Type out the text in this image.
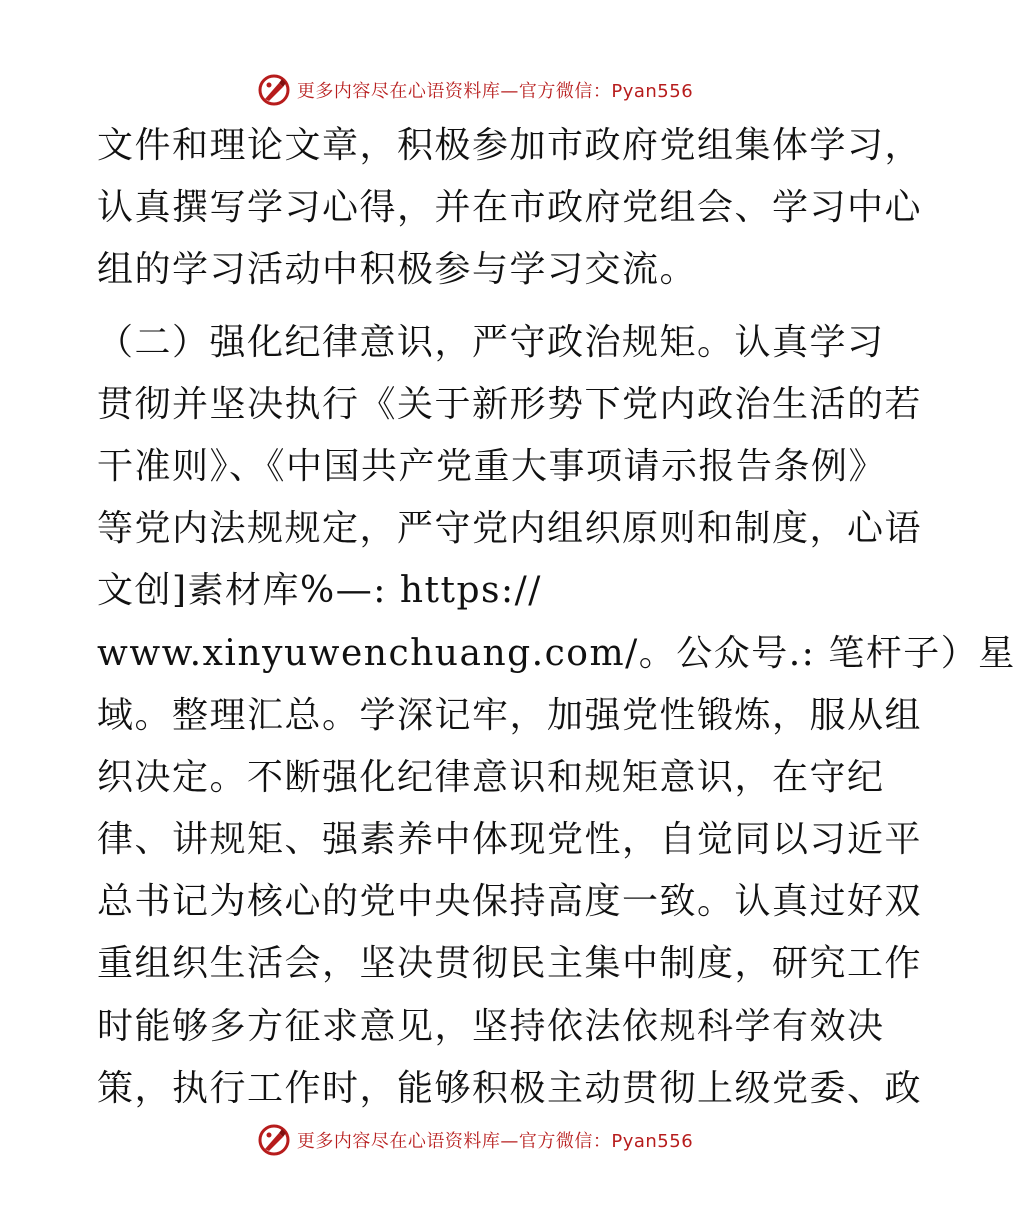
更多内容尽在心语资料库—官方微信：Pyan556
文件和理论文章，积极参加市政府党组集体学习，
认真撰写学习心得，并在市政府党组会、学习中心
组的学习活动中积极参与学习交流。
（二）强化纪律意识，严守政治规矩。认真学习
贯彻并坚决执行《关于新形势下党内政治生活的若
干准则》、《中国共产党重大事项请示报告条例》
等党内法规规定，严守党内组织原则和制度，心语
文创]素材库%—: https://
www.xinyuwenchuang.com/。公众号.: 笔杆子）星
域。整理汇总。学深记牢，加强党性锻炼，服从组
织决定。不断强化纪律意识和规矩意识，在守纪
律、讲规矩、强素养中体现党性，自觉同以习近平
总书记为核心的党中央保持高度一致。认真过好双
重组织生活会，坚决贯彻民主集中制度，研究工作
时能够多方征求意见，坚持依法依规科学有效决
策，执行工作时，能够积极主动贯彻上级党委、政
更多内容尽在心语资料库—官方微信：Pyan556
